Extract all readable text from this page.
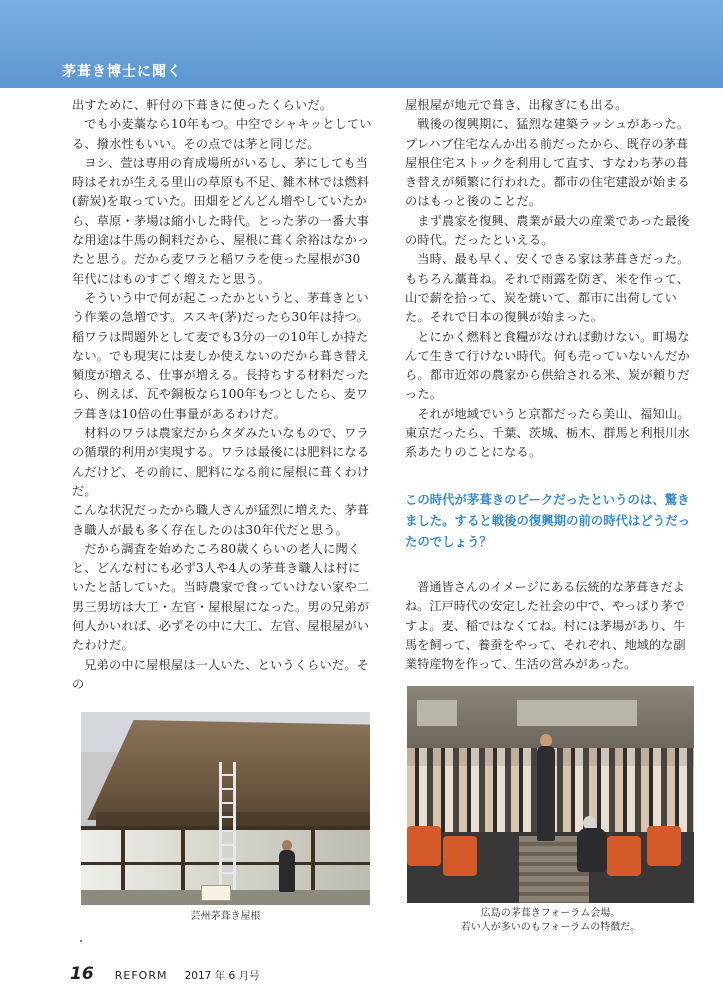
茅葺き博士に聞く

出すために、軒付の下葺きに使ったくらいだ。

でも小麦藁なら10年もつ。中空でシャキッとしている、撥水性もいい。その点では茅と同じだ。

ヨシ、萱は専用の育成場所がいるし、茅にしても当時はそれが生える里山の草原も不足、雑木林では燃料(薪炭)を取っていた。田畑をどんどん増やしていたから、草原・茅場は縮小した時代。とった茅の一番大事な用途は牛馬の飼料だから、屋根に葺く余裕はなかったと思う。だから麦ワラと稲ワラを使った屋根が30年代にはものすごく増えたと思う。

そういう中で何が起こったかというと、茅葺きという作業の急増です。ススキ(茅)だったら30年は持つ。稲ワラは問題外として麦でも3分の一の10年しか持たない。でも現実には麦しか使えないのだから葺き替え頻度が増える、仕事が増える。長持ちする材料だったら、例えば、瓦や銅板なら100年もつとしたら、麦ワラ葺きは10倍の仕事量があるわけだ。

材料のワラは農家だからタダみたいなもので、ワラの循環的利用が実現する。ワラは最後には肥料になるんだけど、その前に、肥料になる前に屋根に葺くわけだ。

こんな状況だったから職人さんが猛烈に増えた、茅葺き職人が最も多く存在したのは30年代だと思う。

だから調査を始めたころ80歳くらいの老人に聞くと、どんな村にも必ず3人や4人の茅葺き職人は村にいたと話していた。当時農家で食っていけない家や二男三男坊は大工・左官・屋根屋になった。男の兄弟が何人かいれば、必ずその中に大工、左官、屋根屋がいたわけだ。

兄弟の中に屋根屋は一人いた、というくらいだ。その

屋根屋が地元で葺き、出稼ぎにも出る。

戦後の復興期に、猛烈な建築ラッシュがあった。プレハブ住宅なんか出る前だったから、既存の茅葺屋根住宅ストックを利用して直す、すなわち茅の葺き替えが頻繁に行われた。都市の住宅建設が始まるのはもっと後のことだ。

まず農家を復興、農業が最大の産業であった最後の時代。だったといえる。

当時、最も早く、安くできる家は茅葺きだった。もちろん藁葺ね。それで雨露を防ぎ、米を作って、山で薪を拾って、炭を焼いて、都市に出荷していた。それで日本の復興が始まった。

とにかく燃料と食糧がなければ動けない。町場なんて生きて行けない時代。何も売っていないんだから。都市近郊の農家から供給される米、炭が頼りだった。

それが地域でいうと京都だったら美山、福知山。東京だったら、千葉、茨城、栃木、群馬と利根川水系あたりのことになる。

この時代が茅葺きのピークだったというのは、驚きました。すると戦後の復興期の前の時代はどうだったのでしょう？

普通皆さんのイメージにある伝統的な茅葺きだよね。江戸時代の安定した社会の中で、やっぱり茅ですよ。麦、稲ではなくてね。村には茅場があり、牛馬を飼って、養蚕をやって、それぞれ、地域的な副業特産物を作って、生活の営みがあった。

芸州茅葺き屋根	広島の茅葺きフォーラム会場。
若い人が多いのもフォーラムの特徴だ。
16 REFORM 2017 年 6 月号
